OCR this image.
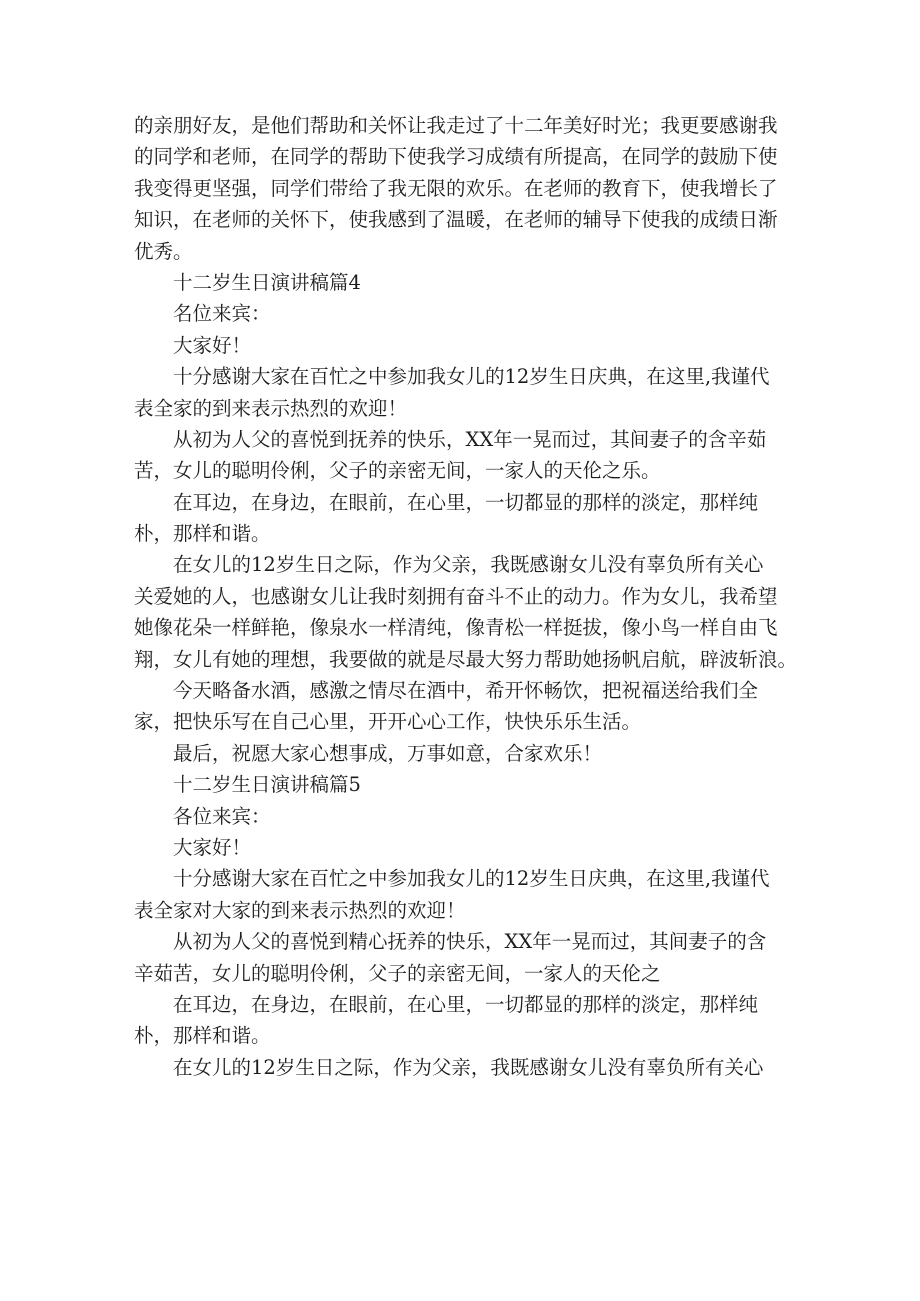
的亲朋好友，是他们帮助和关怀让我走过了十二年美好时光；我更要感谢我
的同学和老师，在同学的帮助下使我学习成绩有所提高，在同学的鼓励下使
我变得更坚强，同学们带给了我无限的欢乐。在老师的教育下，使我增长了
知识，在老师的关怀下，使我感到了温暖，在老师的辅导下使我的成绩日渐
优秀。
十二岁生日演讲稿篇4
名位来宾：
大家好！
十分感谢大家在百忙之中参加我女儿的12岁生日庆典，在这里,我谨代
表全家的到来表示热烈的欢迎！
从初为人父的喜悦到抚养的快乐，XX年一晃而过，其间妻子的含辛茹
苦，女儿的聪明伶俐，父子的亲密无间，一家人的天伦之乐。
在耳边，在身边，在眼前，在心里，一切都显的那样的淡定，那样纯
朴，那样和谐。
在女儿的12岁生日之际，作为父亲，我既感谢女儿没有辜负所有关心
关爱她的人，也感谢女儿让我时刻拥有奋斗不止的动力。作为女儿，我希望
她像花朵一样鲜艳，像泉水一样清纯，像青松一样挺拔，像小鸟一样自由飞
翔，女儿有她的理想，我要做的就是尽最大努力帮助她扬帆启航，辟波斩浪。
今天略备水酒，感激之情尽在酒中，希开怀畅饮，把祝福送给我们全
家，把快乐写在自己心里，开开心心工作，快快乐乐生活。
最后，祝愿大家心想事成，万事如意，合家欢乐！
十二岁生日演讲稿篇5
各位来宾：
大家好！
十分感谢大家在百忙之中参加我女儿的12岁生日庆典，在这里,我谨代
表全家对大家的到来表示热烈的欢迎！
从初为人父的喜悦到精心抚养的快乐，XX年一晃而过，其间妻子的含
辛茹苦，女儿的聪明伶俐，父子的亲密无间，一家人的天伦之
在耳边，在身边，在眼前，在心里，一切都显的那样的淡定，那样纯
朴，那样和谐。
在女儿的12岁生日之际，作为父亲，我既感谢女儿没有辜负所有关心
